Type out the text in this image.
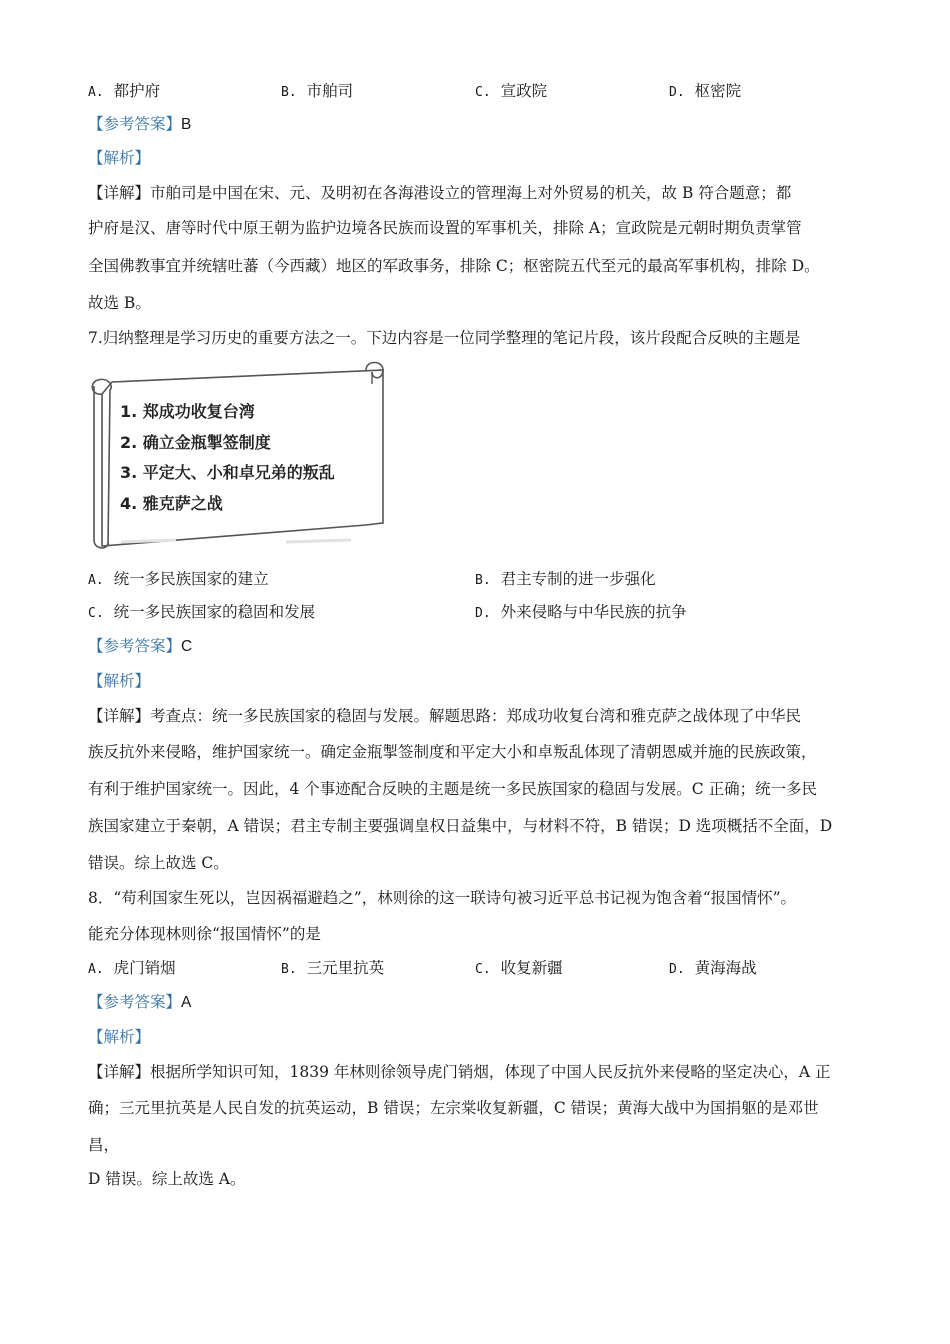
A. 都护府	B. 市舶司	C. 宣政院	D. 枢密院
【参考答案】B
【解析】
【详解】市舶司是中国在宋、元、及明初在各海港设立的管理海上对外贸易的机关，故 B 符合题意；都
护府是汉、唐等时代中原王朝为监护边境各民族而设置的军事机关，排除 A；宣政院是元朝时期负责掌管
全国佛教事宜并统辖吐蕃（今西藏）地区的军政事务，排除 C；枢密院五代至元的最高军事机构，排除 D。
故选 B。
7.归纳整理是学习历史的重要方法之一。下边内容是一位同学整理的笔记片段，该片段配合反映的主题是
1. 郑成功收复台湾
2. 确立金瓶掣签制度
3. 平定大、小和卓兄弟的叛乱
4. 雅克萨之战
A. 统一多民族国家的建立	B. 君主专制的进一步强化
C. 统一多民族国家的稳固和发展	D. 外来侵略与中华民族的抗争
【参考答案】C
【解析】
【详解】考查点：统一多民族国家的稳固与发展。解题思路：郑成功收复台湾和雅克萨之战体现了中华民
族反抗外来侵略，维护国家统一。确定金瓶掣签制度和平定大小和卓叛乱体现了清朝恩威并施的民族政策，
有利于维护国家统一。因此，4 个事迹配合反映的主题是统一多民族国家的稳固与发展。C 正确；统一多民
族国家建立于秦朝，A 错误；君主专制主要强调皇权日益集中，与材料不符，B 错误；D 选项概括不全面，D
错误。综上故选 C。
8．“苟利国家生死以，岂因祸福避趋之”，林则徐的这一联诗句被习近平总书记视为饱含着“报国情怀”。
能充分体现林则徐“报国情怀”的是
A. 虎门销烟	B. 三元里抗英	C. 收复新疆	D. 黄海海战
【参考答案】A
【解析】
【详解】根据所学知识可知，1839 年林则徐领导虎门销烟，体现了中国人民反抗外来侵略的坚定决心，A 正
确；三元里抗英是人民自发的抗英运动，B 错误；左宗棠收复新疆，C 错误；黄海大战中为国捐躯的是邓世
昌，
D 错误。综上故选 A。
